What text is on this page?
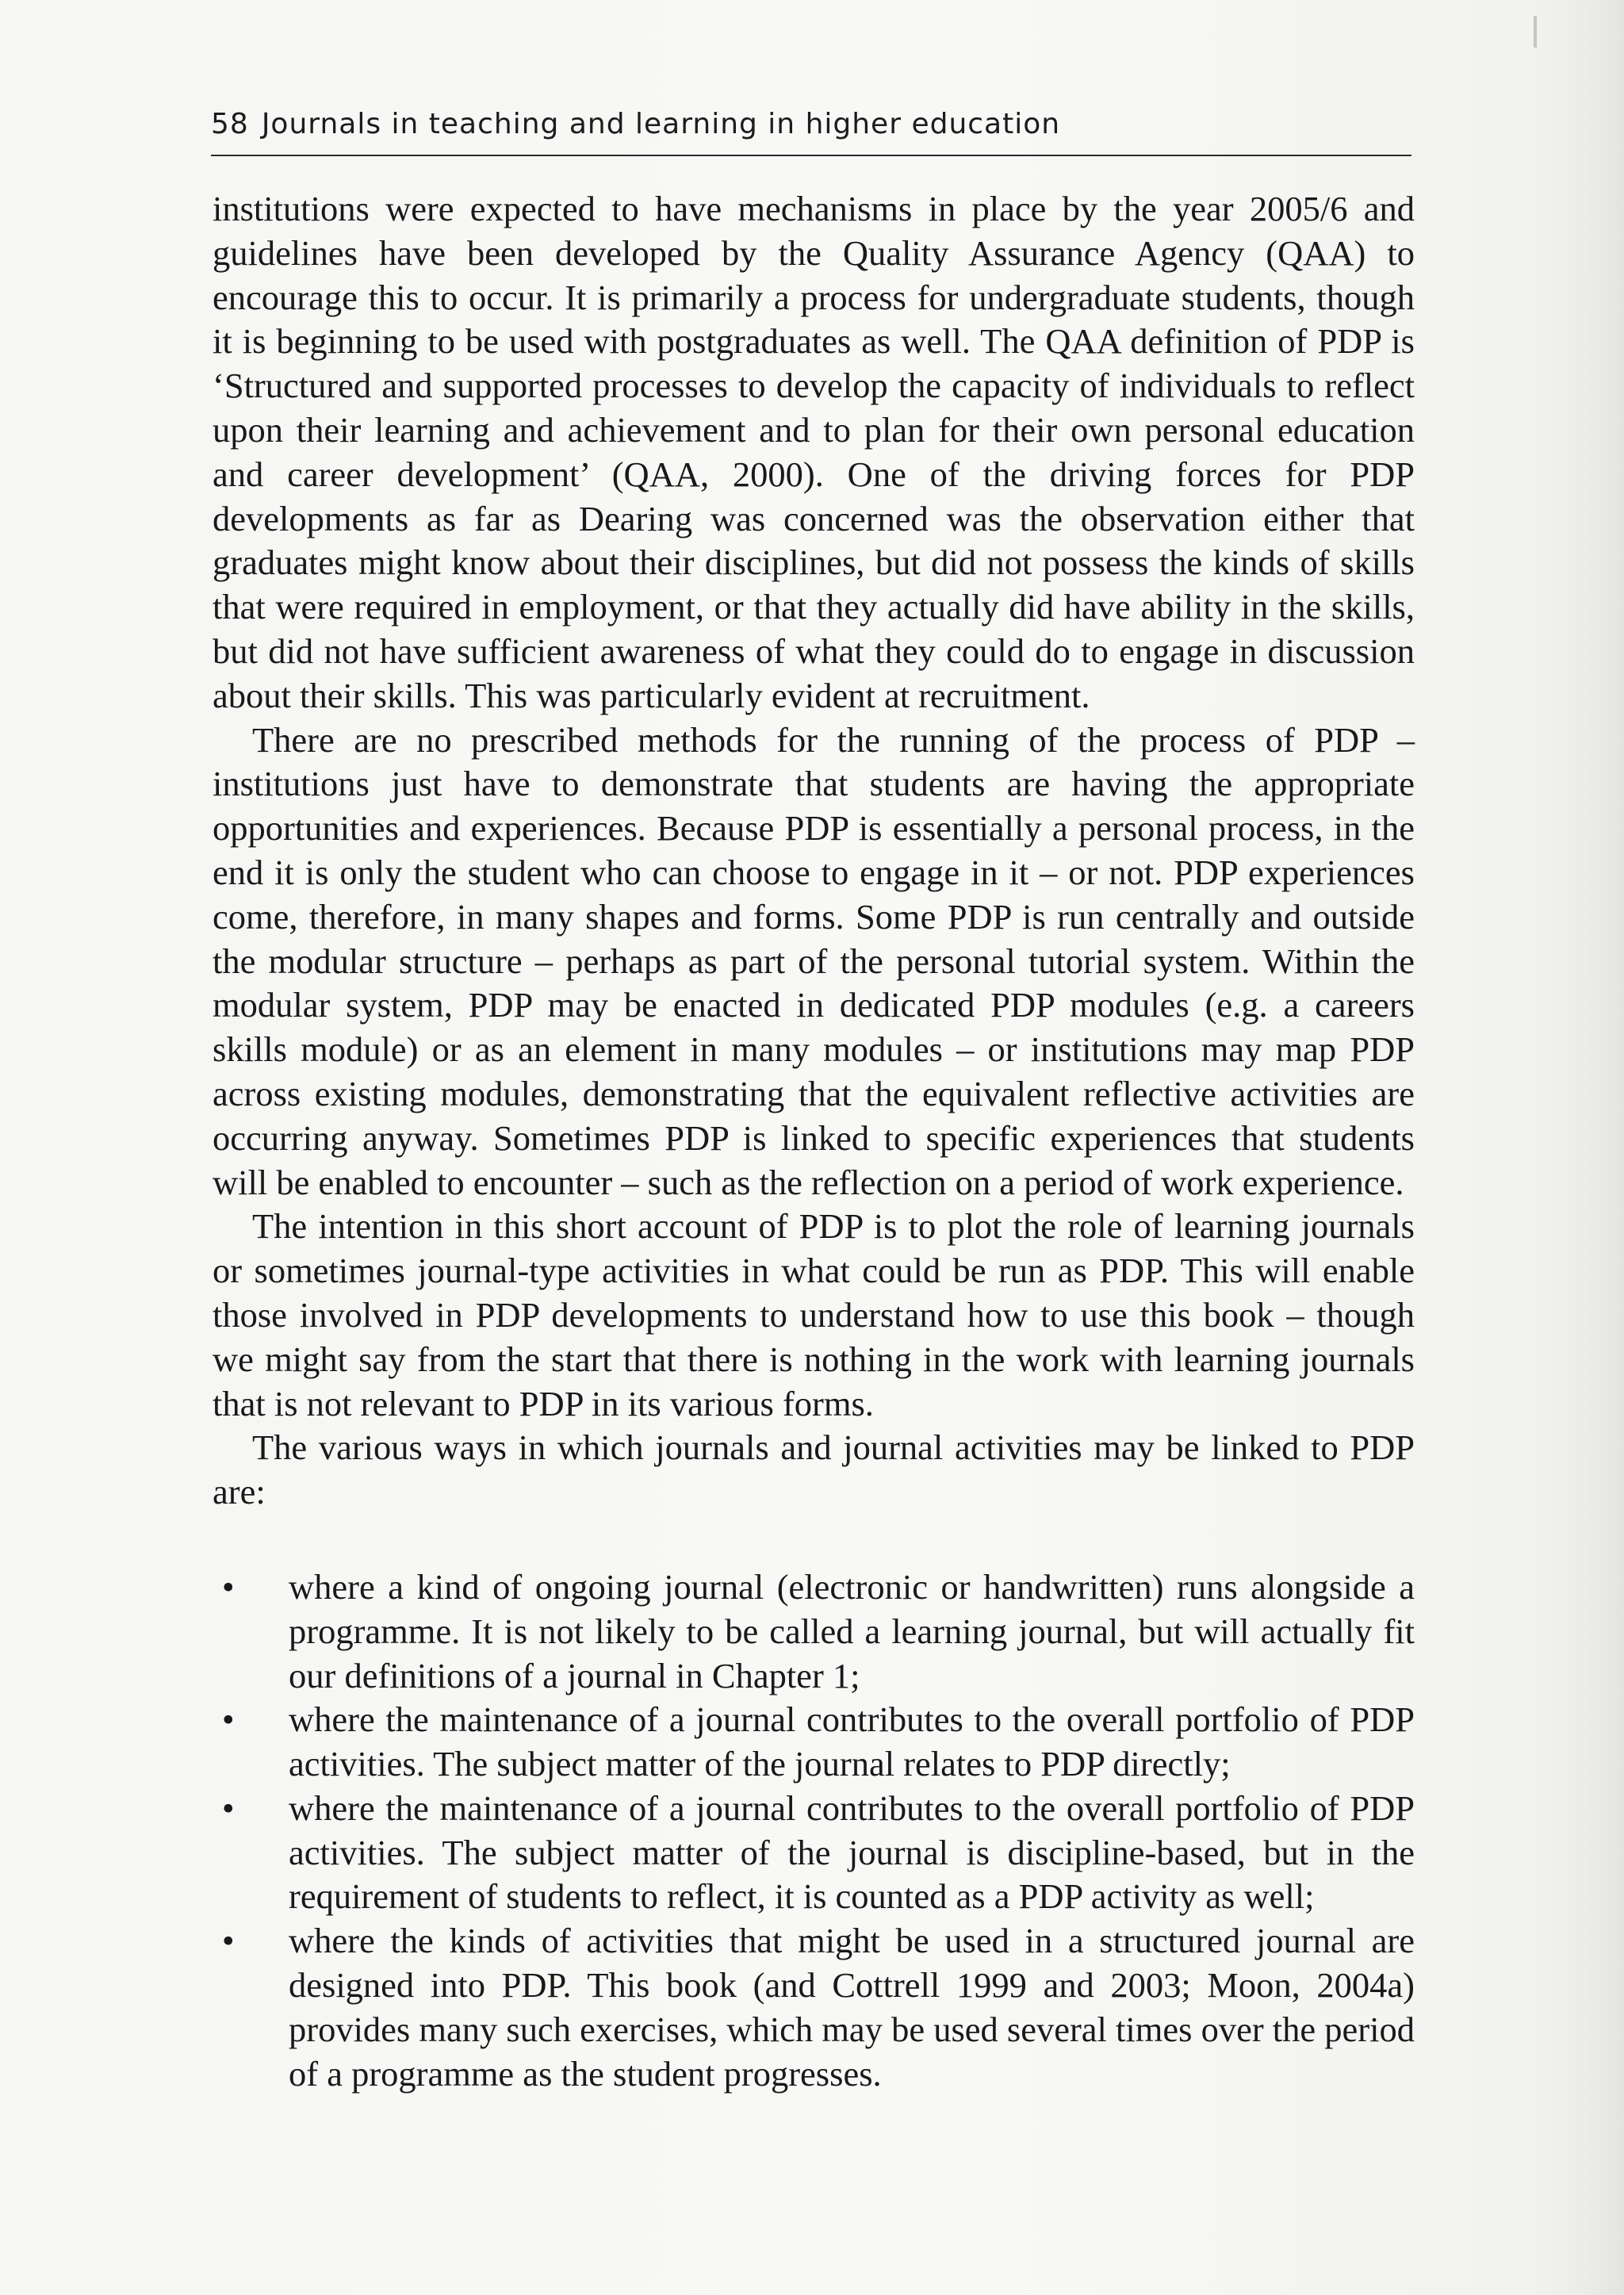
58 Journals in teaching and learning in higher education

institutions were expected to have mechanisms in place by the year 2005/6 and guidelines have been developed by the Quality Assurance Agency (QAA) to encourage this to occur. It is primarily a process for undergraduate students, though it is beginning to be used with postgraduates as well. The QAA definition of PDP is ‘Structured and supported processes to develop the capacity of individuals to reflect upon their learning and achievement and to plan for their own personal education and career development’ (QAA, 2000). One of the driving forces for PDP developments as far as Dearing was concerned was the observation either that graduates might know about their disciplines, but did not possess the kinds of skills that were required in employment, or that they actually did have ability in the skills, but did not have sufficient awareness of what they could do to engage in discussion about their skills. This was particularly evident at recruitment.

There are no prescribed methods for the running of the process of PDP – institutions just have to demonstrate that students are having the appropriate opportunities and experiences. Because PDP is essentially a personal process, in the end it is only the student who can choose to engage in it – or not. PDP experiences come, therefore, in many shapes and forms. Some PDP is run centrally and outside the modular structure – perhaps as part of the personal tutorial system. Within the modular system, PDP may be enacted in dedicated PDP modules (e.g. a careers skills module) or as an element in many modules – or institutions may map PDP across existing modules, demonstrating that the equivalent reflective activities are occurring anyway. Sometimes PDP is linked to specific experiences that students will be enabled to encounter – such as the reflection on a period of work experience.

The intention in this short account of PDP is to plot the role of learning journals or sometimes journal-type activities in what could be run as PDP. This will enable those involved in PDP developments to understand how to use this book – though we might say from the start that there is nothing in the work with learning journals that is not relevant to PDP in its various forms.

The various ways in which journals and journal activities may be linked to PDP are:

•	where a kind of ongoing journal (electronic or handwritten) runs alongside a programme. It is not likely to be called a learning journal, but will actually fit our definitions of a journal in Chapter 1;
•	where the maintenance of a journal contributes to the overall portfolio of PDP activities. The subject matter of the journal relates to PDP directly;
•	where the maintenance of a journal contributes to the overall portfolio of PDP activities. The subject matter of the journal is discipline-based, but in the requirement of students to reflect, it is counted as a PDP activity as well;
•	where the kinds of activities that might be used in a structured journal are designed into PDP. This book (and Cottrell 1999 and 2003; Moon, 2004a) provides many such exercises, which may be used several times over the period of a programme as the student progresses.
